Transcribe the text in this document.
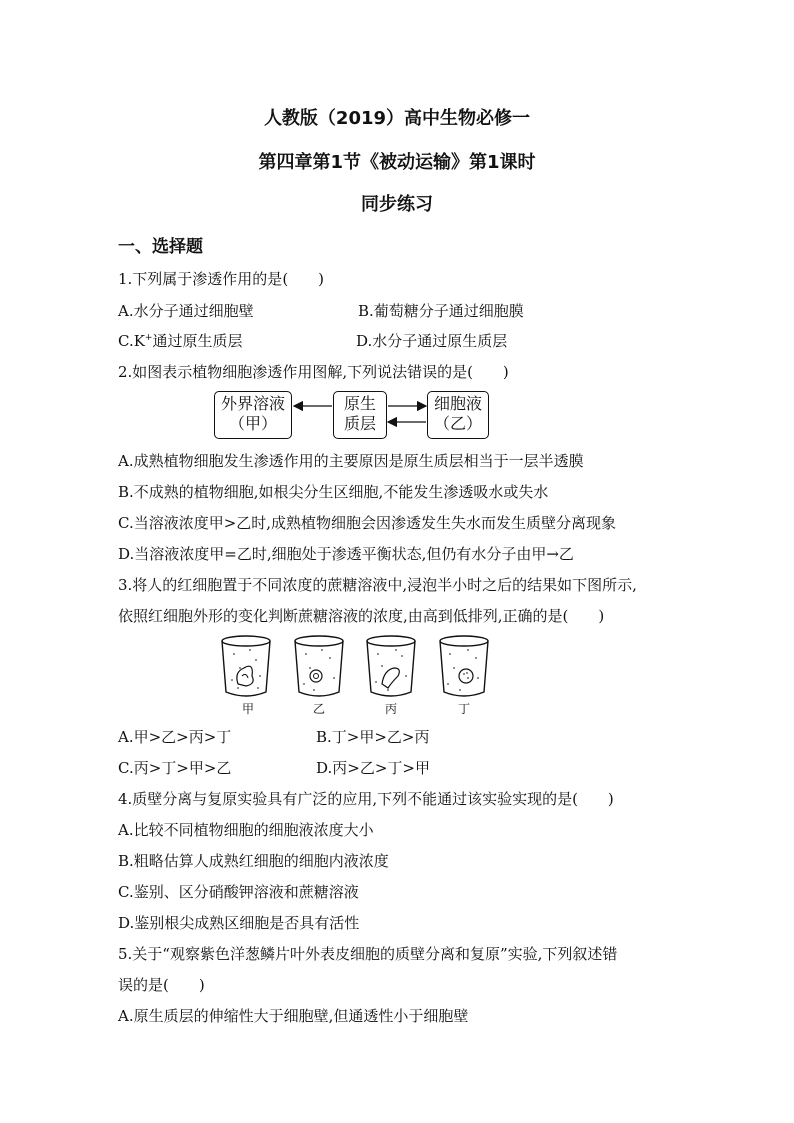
人教版（2019）高中生物必修一
第四章第1节《被动运输》第1课时
同步练习
一、选择题
1.下列属于渗透作用的是(　　)
A.水分子通过细胞壁	B.葡萄糖分子通过细胞膜
C.K+通过原生质层	D.水分子通过原生质层
2.如图表示植物细胞渗透作用图解,下列说法错误的是(　　)
外界溶液
（甲）
原生
质层
细胞液
（乙）
A.成熟植物细胞发生渗透作用的主要原因是原生质层相当于一层半透膜
B.不成熟的植物细胞,如根尖分生区细胞,不能发生渗透吸水或失水
C.当溶液浓度甲>乙时,成熟植物细胞会因渗透发生失水而发生质壁分离现象
D.当溶液浓度甲=乙时,细胞处于渗透平衡状态,但仍有水分子由甲→乙
3.将人的红细胞置于不同浓度的蔗糖溶液中,浸泡半小时之后的结果如下图所示,
依照红细胞外形的变化判断蔗糖溶液的浓度,由高到低排列,正确的是(　　)
甲	乙	丙	丁
A.甲>乙>丙>丁	B.丁>甲>乙>丙
C.丙>丁>甲>乙	D.丙>乙>丁>甲
4.质壁分离与复原实验具有广泛的应用,下列不能通过该实验实现的是(　　)
A.比较不同植物细胞的细胞液浓度大小
B.粗略估算人成熟红细胞的细胞内液浓度
C.鉴别、区分硝酸钾溶液和蔗糖溶液
D.鉴别根尖成熟区细胞是否具有活性
5.关于“观察紫色洋葱鳞片叶外表皮细胞的质壁分离和复原”实验,下列叙述错
误的是(　　)
A.原生质层的伸缩性大于细胞壁,但通透性小于细胞壁
